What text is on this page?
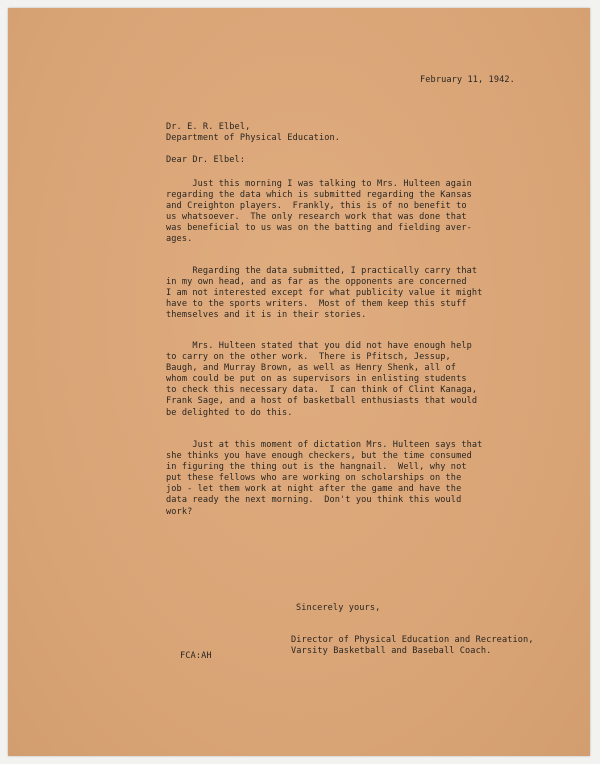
February 11, 1942.
Dr. E. R. Elbel,
Department of Physical Education.
Dear Dr. Elbel:
Just this morning I was talking to Mrs. Hulteen again
regarding the data which is submitted regarding the Kansas
and Creighton players.  Frankly, this is of no benefit to
us whatsoever.  The only research work that was done that
was beneficial to us was on the batting and fielding aver-
ages.
Regarding the data submitted, I practically carry that
in my own head, and as far as the opponents are concerned
I am not interested except for what publicity value it might
have to the sports writers.  Most of them keep this stuff
themselves and it is in their stories.
Mrs. Hulteen stated that you did not have enough help
to carry on the other work.  There is Pfitsch, Jessup,
Baugh, and Murray Brown, as well as Henry Shenk, all of
whom could be put on as supervisors in enlisting students
to check this necessary data.  I can think of Clint Kanaga,
Frank Sage, and a host of basketball enthusiasts that would
be delighted to do this.
Just at this moment of dictation Mrs. Hulteen says that
she thinks you have enough checkers, but the time consumed
in figuring the thing out is the hangnail.  Well, why not
put these fellows who are working on scholarships on the
job - let them work at night after the game and have the
data ready the next morning.  Don't you think this would
work?
Sincerely yours,
Director of Physical Education and Recreation,
Varsity Basketball and Baseball Coach.
FCA:AH
